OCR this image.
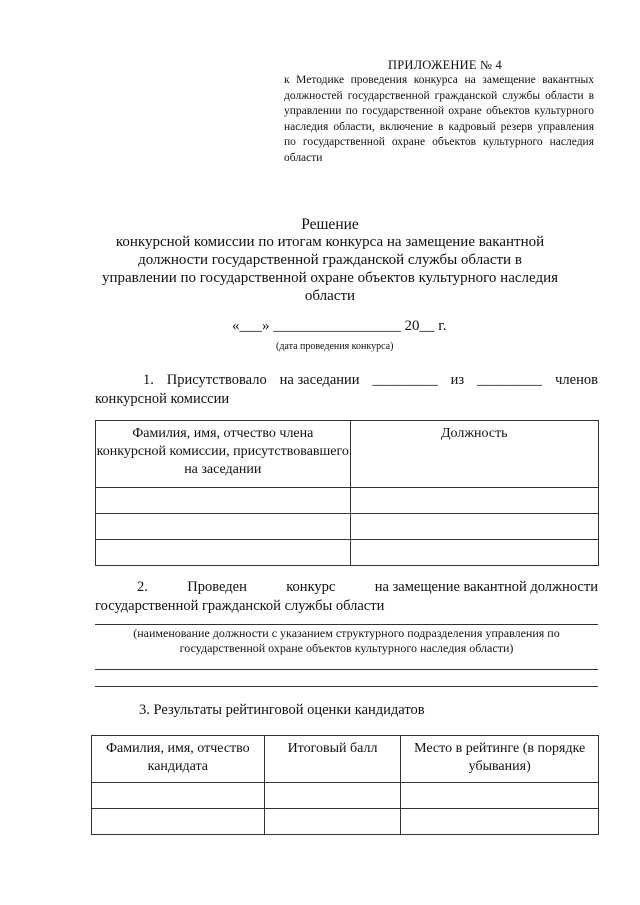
ПРИЛОЖЕНИЕ № 4
к Методике проведения конкурса на замещение вакантных должностей государственной гражданской службы области в управлении по государственной охране объектов культурного наследия области, включение в кадровый резерв управления по государственной охране объектов культурного наследия области
Решение
конкурсной комиссии по итогам конкурса на замещение вакантной должности государственной гражданской службы области в управлении по государственной охране объектов культурного наследия области
«___» _________________ 20__ г.
(дата проведения конкурса)
1. Присутствовало на заседании _________ из _________ членов
конкурсной комиссии
Фамилия, имя, отчество члена конкурсной комиссии, присутствовавшего на заседании	Должность

2.	Проведен	конкурс	на замещение вакантной должности
государственной гражданской службы области
(наименование должности с указанием структурного подразделения управления по государственной охране объектов культурного наследия области)
3. Результаты рейтинговой оценки кандидатов
Фамилия, имя, отчество кандидата	Итоговый балл	Место в рейтинге (в порядке убывания)
